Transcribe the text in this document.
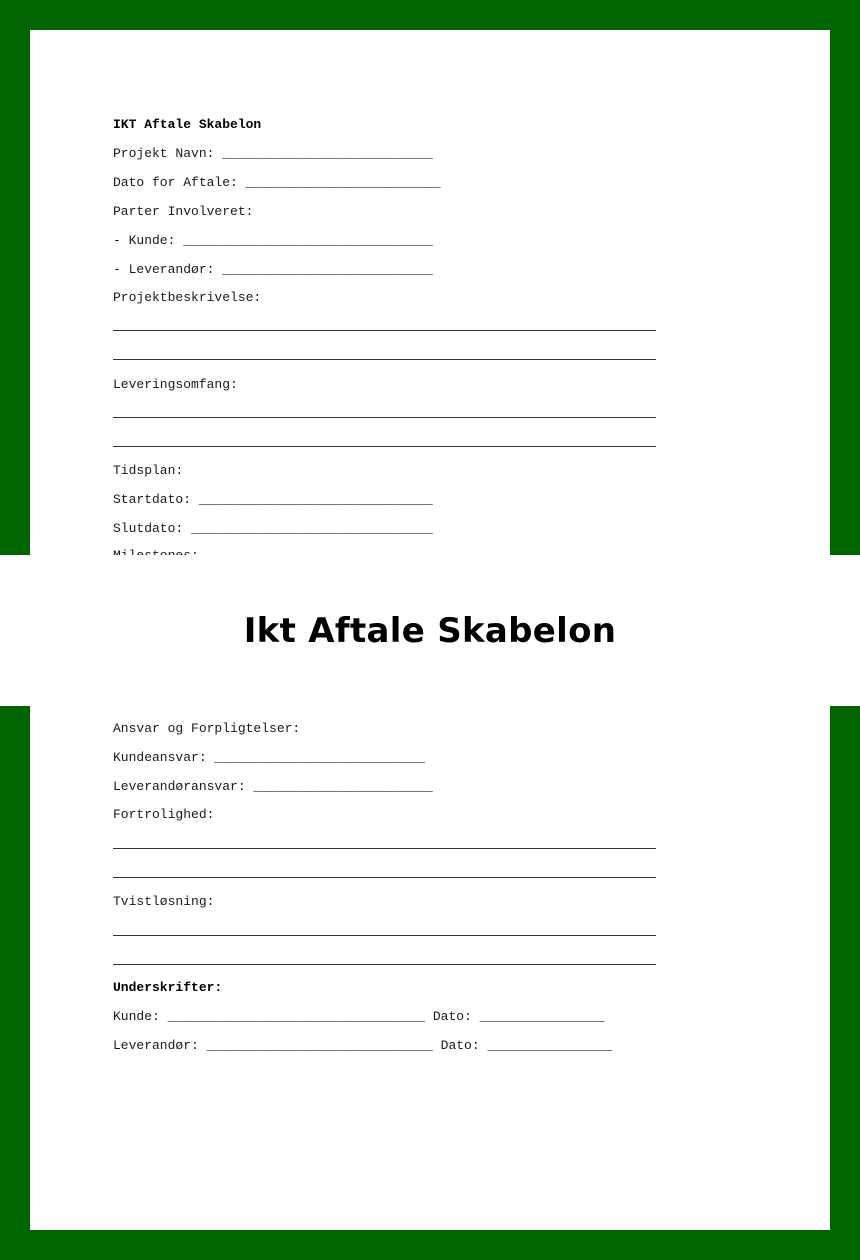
IKT Aftale Skabelon

Projekt Navn: ___________________________

Dato for Aftale: _________________________

Parter Involveret:

- Kunde: ________________________________

- Leverandør: ___________________________

Projektbeskrivelse:

Leveringsomfang:

Tidsplan:

Startdato: ______________________________

Slutdato: _______________________________

Ikt Aftale Skabelon

Ansvar og Forpligtelser:

Kundeansvar: ___________________________

Leverandøransvar: _______________________

Fortrolighed:

Tvistløsning:

Underskrifter:

Kunde: _________________________________ Dato: ________________

Leverandør: _____________________________ Dato: ________________
